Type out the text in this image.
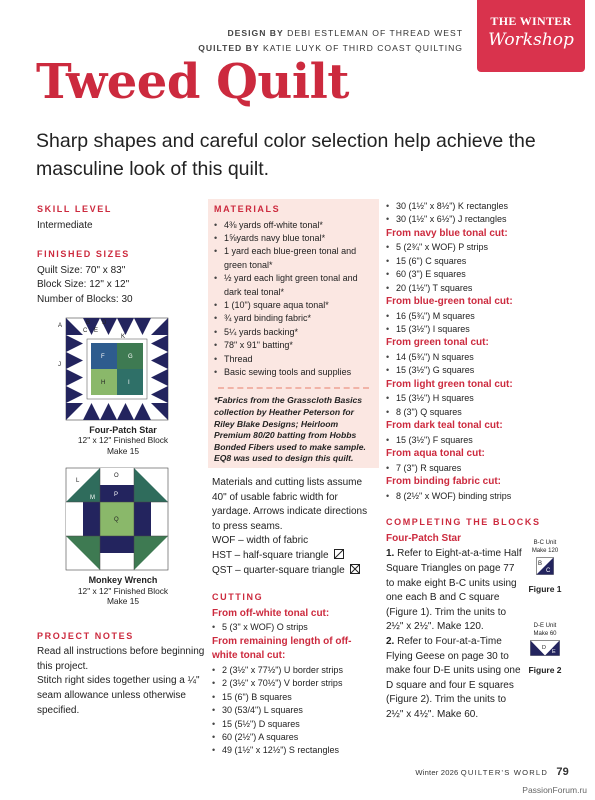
DESIGN BY DEBI ESTLEMAN OF THREAD WEST
QUILTED BY KATIE LUYK OF THIRD COAST QUILTING
THE WINTER
Workshop
Tweed Quilt
Sharp shapes and careful color selection help achieve the masculine look of this quilt.
SKILL LEVEL
Intermediate
FINISHED SIZES
Quilt Size: 70" x 83"
Block Size: 12" x 12"
Number of Blocks: 30
A	B
C E
D
K
J
F	G
H	I
Four-Patch Star
12" x 12" Finished Block
Make 15
L
O
M	P
Q
Monkey Wrench
12" x 12" Finished Block
Make 15
PROJECT NOTES
Read all instructions before beginning this project.
Stitch right sides together using a ¼" seam allowance unless otherwise specified.
MATERIALS
• 4⅜ yards off-white tonal*
• 1⅝yards navy blue tonal*
• 1 yard each blue-green tonal and green tonal*
• ½ yard each light green tonal and dark teal tonal*
• 1 (10") square aqua tonal*
• ¾ yard binding fabric*
• 5¼ yards backing*
• 78" x 91" batting*
• Thread
• Basic sewing tools and supplies
*Fabrics from the Grasscloth Basics collection by Heather Peterson for Riley Blake Designs; Heirloom Premium 80/20 batting from Hobbs Bonded Fibers used to make sample. EQ8 was used to design this quilt.
Materials and cutting lists assume 40" of usable fabric width for yardage. Arrows indicate directions to press seams.
WOF – width of fabric
HST – half-square triangle
QST – quarter-square triangle
CUTTING
From off-white tonal cut:
• 5 (3" x WOF) O strips
From remaining length of off-white tonal cut:
• 2 (3½" x 77½") U border strips
• 2 (3½" x 70½") V border strips
• 15 (6") B squares
• 30 (53/4") L squares
• 15 (5½") D squares
• 60 (2½") A squares
• 49 (1½" x 12½") S rectangles
• 30 (1½" x 8½") K rectangles
• 30 (1½" x 6½") J rectangles
From navy blue tonal cut:
• 5 (2¾" x WOF) P strips
• 15 (6") C squares
• 60 (3") E squares
• 20 (1½") T squares
From blue-green tonal cut:
• 16 (5¾") M squares
• 15 (3½") I squares
From green tonal cut:
• 14 (5¾") N squares
• 15 (3½") G squares
From light green tonal cut:
• 15 (3½") H squares
• 8 (3") Q squares
From dark teal tonal cut:
• 15 (3½") F squares
From aqua tonal cut:
• 7 (3") R squares
From binding fabric cut:
• 8 (2½" x WOF) binding strips
COMPLETING THE BLOCKS
Four-Patch Star
1. Refer to Eight-at-a-time Half Square Triangles on page 77 to make eight B-C units using one each B and C square (Figure 1). Trim the units to 2½" x 2½". Make 120.
2. Refer to Four-at-a-Time Flying Geese on page 30 to make four D-E units using one D square and four E squares (Figure 2). Trim the units to 2½" x 4½". Make 60.
B-C Unit
Make 120
B
C
Figure 1
D-E Unit
Make 60
D
E
Figure 2
Winter 2026 QUILTER'S WORLD 79
PassionForum.ru
